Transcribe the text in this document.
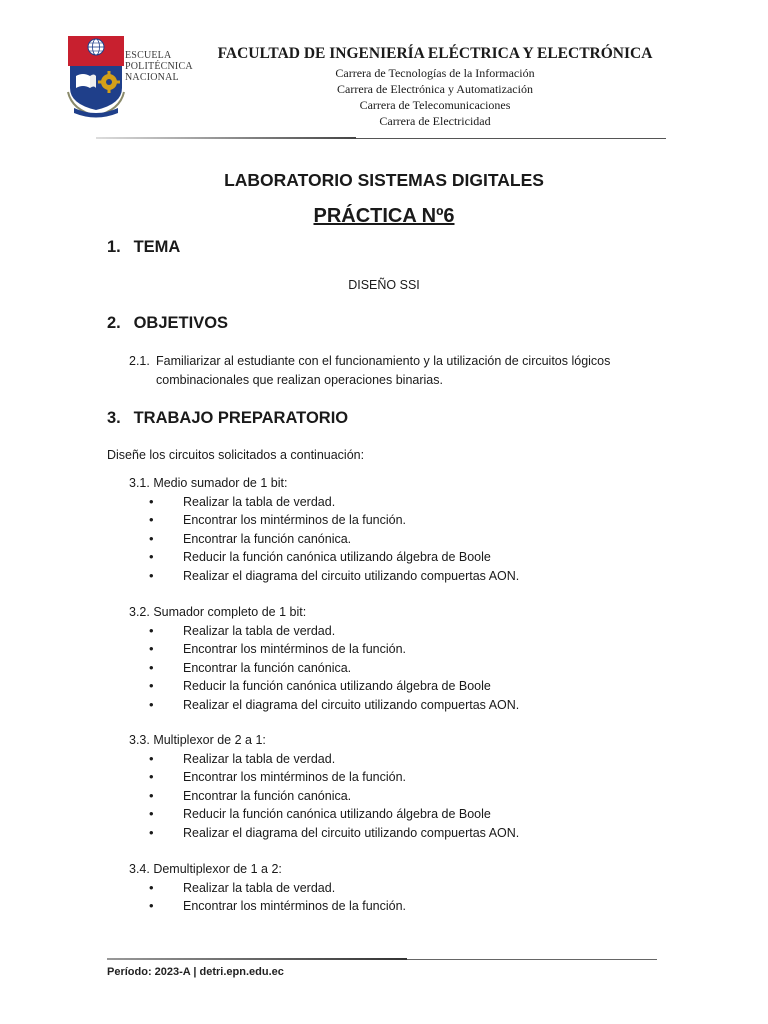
ESCUELA
POLITÉCNICA
NACIONAL
FACULTAD DE INGENIERÍA ELÉCTRICA Y ELECTRÓNICA
Carrera de Tecnologías de la Información
Carrera de Electrónica y Automatización
Carrera de Telecomunicaciones
Carrera de Electricidad
LABORATORIO SISTEMAS DIGITALES
PRÁCTICA Nº6
1. TEMA
DISEÑO SSI
2. OBJETIVOS
2.1. Familiarizar al estudiante con el funcionamiento y la utilización de circuitos lógicos
combinacionales que realizan operaciones binarias.
3. TRABAJO PREPARATORIO
Diseñe los circuitos solicitados a continuación:
3.1. Medio sumador de 1 bit:
• Realizar la tabla de verdad.
• Encontrar los mintérminos de la función.
• Encontrar la función canónica.
• Reducir la función canónica utilizando álgebra de Boole
• Realizar el diagrama del circuito utilizando compuertas AON.
3.2. Sumador completo de 1 bit:
• Realizar la tabla de verdad.
• Encontrar los mintérminos de la función.
• Encontrar la función canónica.
• Reducir la función canónica utilizando álgebra de Boole
• Realizar el diagrama del circuito utilizando compuertas AON.
3.3. Multiplexor de 2 a 1:
• Realizar la tabla de verdad.
• Encontrar los mintérminos de la función.
• Encontrar la función canónica.
• Reducir la función canónica utilizando álgebra de Boole
• Realizar el diagrama del circuito utilizando compuertas AON.
3.4. Demultiplexor de 1 a 2:
• Realizar la tabla de verdad.
• Encontrar los mintérminos de la función.
Período: 2023-A | detri.epn.edu.ec
